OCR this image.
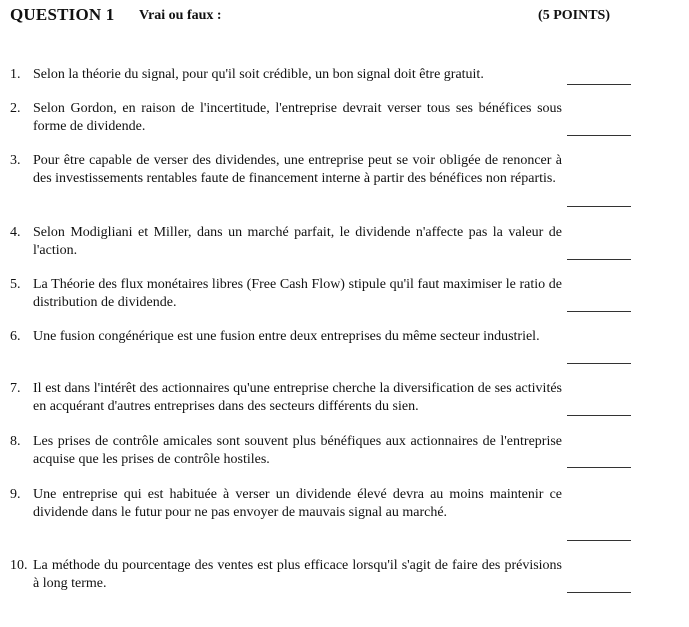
QUESTION 1 Vrai ou faux :	(5 POINTS)
1. Selon la théorie du signal, pour qu'il soit crédible, un bon signal doit être gratuit.
2. Selon Gordon, en raison de l'incertitude, l'entreprise devrait verser tous ses bénéfices sous forme de dividende.
3. Pour être capable de verser des dividendes, une entreprise peut se voir obligée de renoncer à des investissements rentables faute de financement interne à partir des bénéfices non répartis.
4. Selon Modigliani et Miller, dans un marché parfait, le dividende n'affecte pas la valeur de l'action.
5. La Théorie des flux monétaires libres (Free Cash Flow) stipule qu'il faut maximiser le ratio de distribution de dividende.
6. Une fusion congénérique est une fusion entre deux entreprises du même secteur industriel.
7. Il est dans l'intérêt des actionnaires qu'une entreprise cherche la diversification de ses activités en acquérant d'autres entreprises dans des secteurs différents du sien.
8. Les prises de contrôle amicales sont souvent plus bénéfiques aux actionnaires de l'entreprise acquise que les prises de contrôle hostiles.
9. Une entreprise qui est habituée à verser un dividende élevé devra au moins maintenir ce dividende dans le futur pour ne pas envoyer de mauvais signal au marché.
10. La méthode du pourcentage des ventes est plus efficace lorsqu'il s'agit de faire des prévisions à long terme.
